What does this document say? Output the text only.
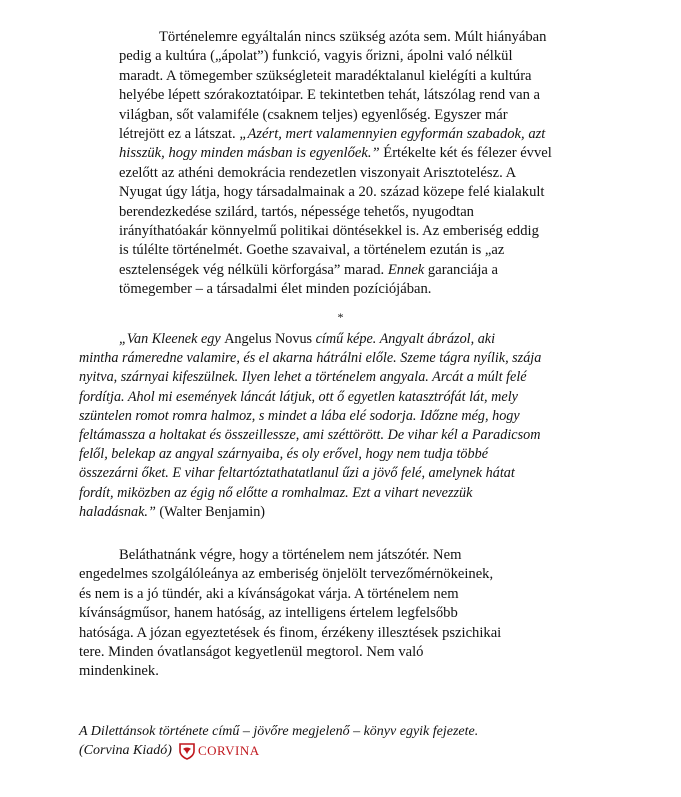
Történelemre egyáltalán nincs szükség azóta sem. Múlt hiányában
pedig a kultúra („ápolat”) funkció, vagyis őrizni, ápolni való nélkül
maradt. A tömegember szükségleteit maradéktalanul kielégíti a kultúra
helyébe lépett szórakoztatóipar. E tekintetben tehát, látszólag rend van a
világban, sőt valamiféle (csaknem teljes) egyenlőség. Egyszer már
létrejött ez a látszat. „Azért, mert valamennyien egyformán szabadok, azt
hisszük, hogy minden másban is egyenlőek.” Értékelte két és félezer évvel
ezelőtt az athéni demokrácia rendezetlen viszonyait Arisztotelész. A
Nyugat úgy látja, hogy társadalmainak a 20. század közepe felé kialakult
berendezkedése szilárd, tartós, népessége tehetős, nyugodtan
irányíthatóakár könnyelmű politikai döntésekkel is. Az emberiség eddig
is túlélte történelmét. Goethe szavaival, a történelem ezután is „az
esztelenségek vég nélküli körforgása” marad. Ennek garanciája a
tömegember – a társadalmi élet minden pozíciójában.
*
„Van Kleenek egy Angelus Novus című képe. Angyalt ábrázol, aki
mintha rámeredne valamire, és el akarna hátrálni előle. Szeme tágra nyílik, szája
nyitva, szárnyai kifeszülnek. Ilyen lehet a történelem angyala. Arcát a múlt felé
fordítja. Ahol mi események láncát látjuk, ott ő egyetlen katasztrófát lát, mely
szüntelen romot romra halmoz, s mindet a lába elé sodorja. Időzne még, hogy
feltámassza a holtakat és összeillessze, ami széttörött. De vihar kél a Paradicsom
felől, belekap az angyal szárnyaiba, és oly erővel, hogy nem tudja többé
összezárni őket. E vihar feltartóztathatatlanul űzi a jövő felé, amelynek hátat
fordít, miközben az égig nő előtte a romhalmaz. Ezt a vihart nevezzük
haladásnak.” (Walter Benjamin)
Beláthatnánk végre, hogy a történelem nem játszótér. Nem
engedelmes szolgálóleánya az emberiség önjelölt tervezőmérnökeinek,
és nem is a jó tündér, aki a kívánságokat várja. A történelem nem
kívánságműsor, hanem hatóság, az intelligens értelem legfelsőbb
hatósága. A józan egyeztetések és finom, érzékeny illesztések pszichikai
tere. Minden óvatlanságot kegyetlenül megtorol. Nem való
mindenkinek.
A Dilettánsok története című – jövőre megjelenő – könyv egyik fejezete.
(Corvina Kiadó) CORVINA
